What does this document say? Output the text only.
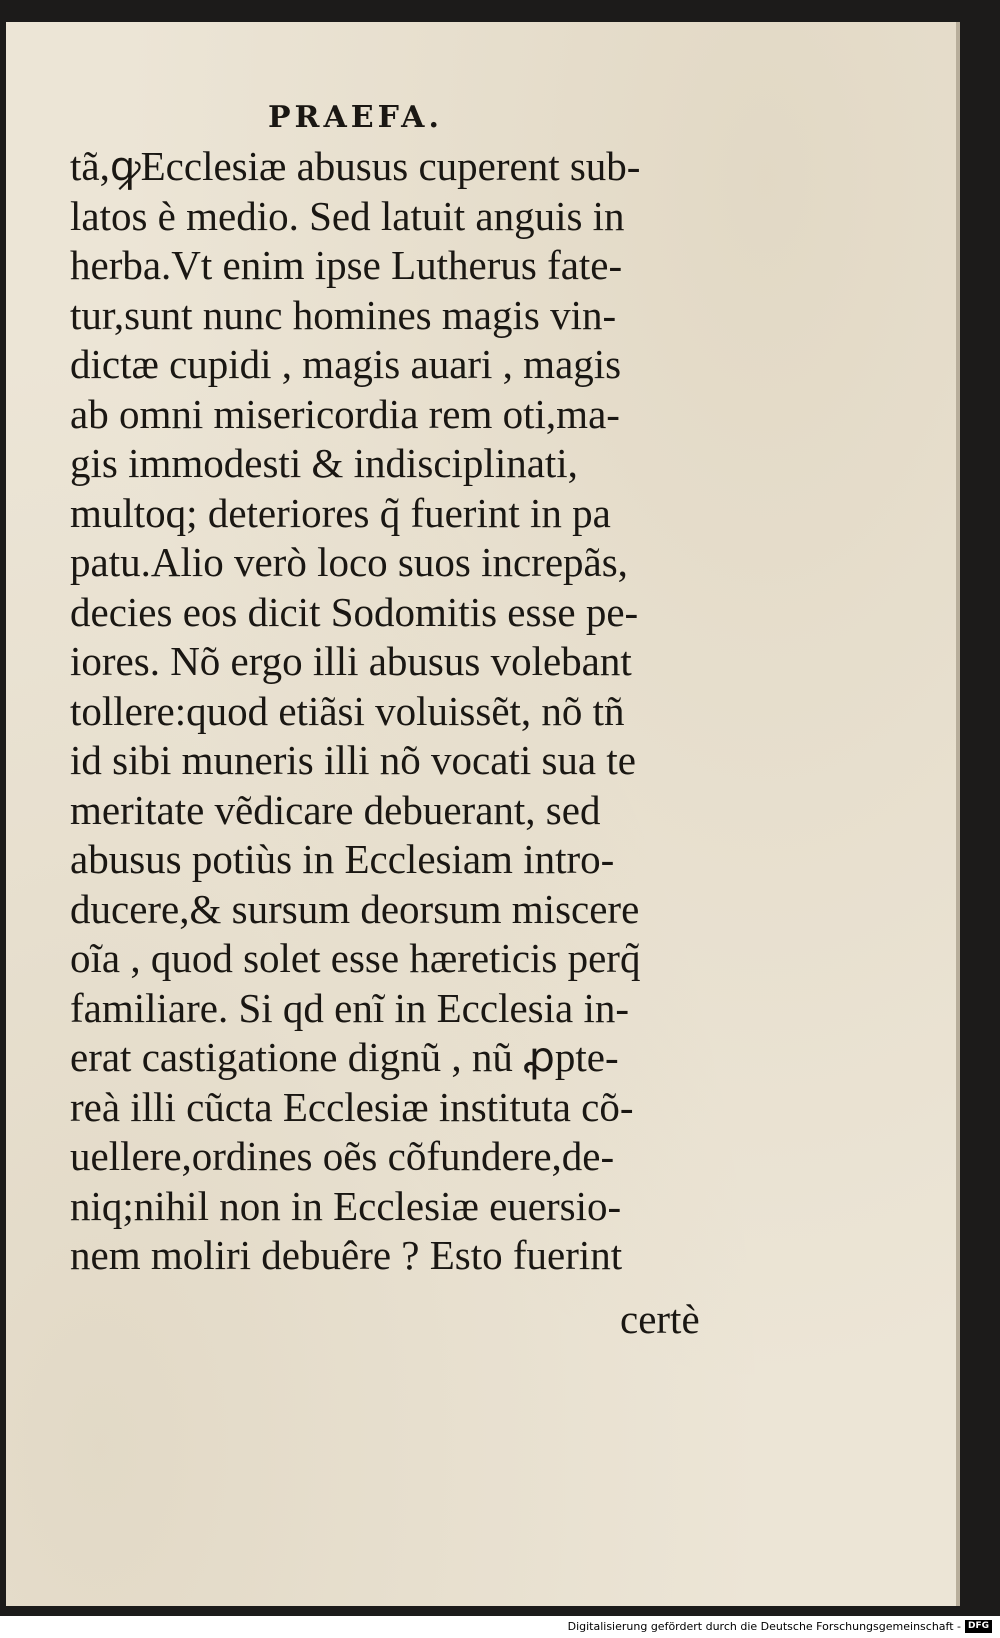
PRAEFA.
tã,ꝙEcclesiæ abusus cuperent sub-
latos è medio. Sed latuit anguis in
herba.Vt enim ipse Lutherus fate-
tur,sunt nunc homines magis vin-
dictæ cupidi , magis auari , magis
ab omni misericordia rem oti,ma-
gis immodesti & indisciplinati,
multoq; deteriores q̃ fuerint in pa
patu.Alio verò loco suos increpãs,
decies eos dicit Sodomitis esse pe-
iores. Nõ ergo illi abusus volebant
tollere:quod etiãsi voluissẽt, nõ tñ
id sibi muneris illi nõ vocati sua te
meritate vẽdicare debuerant, sed
abusus potiùs in Ecclesiam intro-
ducere,& sursum deorsum miscere
oĩa , quod solet esse hæreticis perq̃
familiare. Si qd enĩ in Ecclesia in-
erat castigatione dignũ , nũ ꝓpte-
reà illi cũcta Ecclesiæ instituta cõ-
uellere,ordines oẽs cõfundere,de-
niq;nihil non in Ecclesiæ euersio-
nem moliri debuêre ? Esto fuerint
certè
Digitalisierung gefördert durch die Deutsche Forschungsgemeinschaft - DFG
